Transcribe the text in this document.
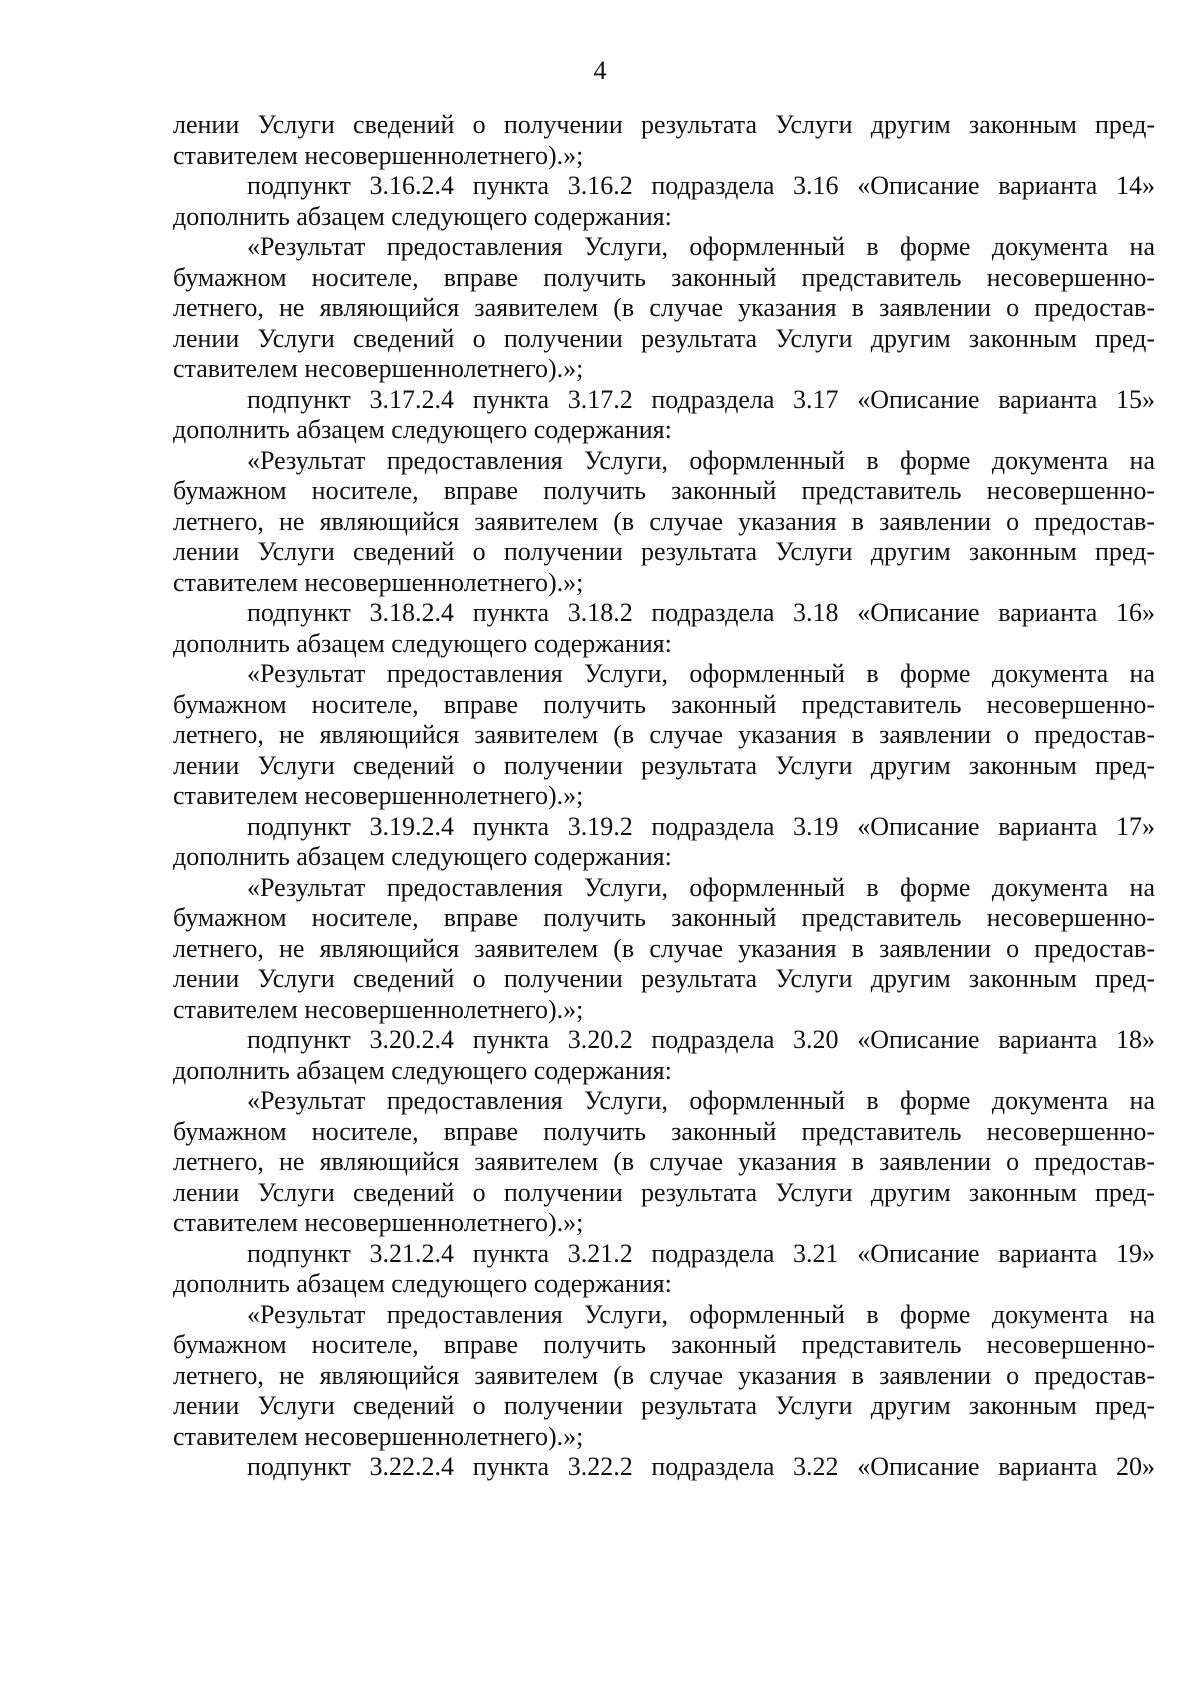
4
лении Услуги сведений о получении результата Услуги другим законным пред-
ставителем несовершеннолетнего).»;
подпункт 3.16.2.4 пункта 3.16.2 подраздела 3.16 «Описание варианта 14»
дополнить абзацем следующего содержания:
«Результат предоставления Услуги, оформленный в форме документа на
бумажном носителе, вправе получить законный представитель несовершенно-
летнего, не являющийся заявителем (в случае указания в заявлении о предостав-
лении Услуги сведений о получении результата Услуги другим законным пред-
ставителем несовершеннолетнего).»;
подпункт 3.17.2.4 пункта 3.17.2 подраздела 3.17 «Описание варианта 15»
дополнить абзацем следующего содержания:
«Результат предоставления Услуги, оформленный в форме документа на
бумажном носителе, вправе получить законный представитель несовершенно-
летнего, не являющийся заявителем (в случае указания в заявлении о предостав-
лении Услуги сведений о получении результата Услуги другим законным пред-
ставителем несовершеннолетнего).»;
подпункт 3.18.2.4 пункта 3.18.2 подраздела 3.18 «Описание варианта 16»
дополнить абзацем следующего содержания:
«Результат предоставления Услуги, оформленный в форме документа на
бумажном носителе, вправе получить законный представитель несовершенно-
летнего, не являющийся заявителем (в случае указания в заявлении о предостав-
лении Услуги сведений о получении результата Услуги другим законным пред-
ставителем несовершеннолетнего).»;
подпункт 3.19.2.4 пункта 3.19.2 подраздела 3.19 «Описание варианта 17»
дополнить абзацем следующего содержания:
«Результат предоставления Услуги, оформленный в форме документа на
бумажном носителе, вправе получить законный представитель несовершенно-
летнего, не являющийся заявителем (в случае указания в заявлении о предостав-
лении Услуги сведений о получении результата Услуги другим законным пред-
ставителем несовершеннолетнего).»;
подпункт 3.20.2.4 пункта 3.20.2 подраздела 3.20 «Описание варианта 18»
дополнить абзацем следующего содержания:
«Результат предоставления Услуги, оформленный в форме документа на
бумажном носителе, вправе получить законный представитель несовершенно-
летнего, не являющийся заявителем (в случае указания в заявлении о предостав-
лении Услуги сведений о получении результата Услуги другим законным пред-
ставителем несовершеннолетнего).»;
подпункт 3.21.2.4 пункта 3.21.2 подраздела 3.21 «Описание варианта 19»
дополнить абзацем следующего содержания:
«Результат предоставления Услуги, оформленный в форме документа на
бумажном носителе, вправе получить законный представитель несовершенно-
летнего, не являющийся заявителем (в случае указания в заявлении о предостав-
лении Услуги сведений о получении результата Услуги другим законным пред-
ставителем несовершеннолетнего).»;
подпункт 3.22.2.4 пункта 3.22.2 подраздела 3.22 «Описание варианта 20»
